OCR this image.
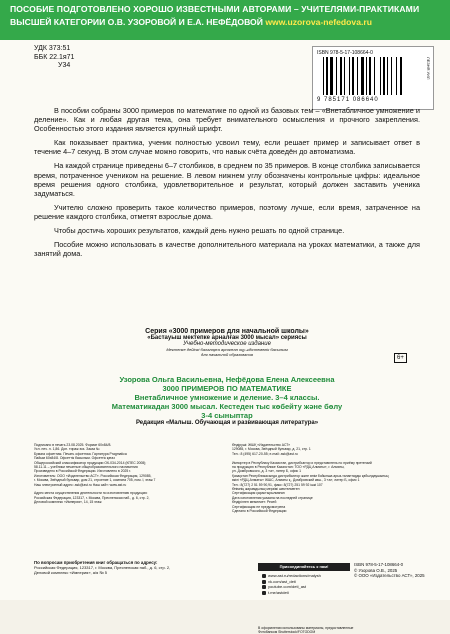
ПОСОБИЕ ПОДГОТОВЛЕНО ХОРОШО ИЗВЕСТНЫМИ АВТОРАМИ – УЧИТЕЛЯМИ-ПРАКТИКАМИ
ВЫСШЕЙ КАТЕГОРИИ О.В. УЗОРОВОЙ И Е.А. НЕФЁДОВОЙ www.uzorova-nefedova.ru
УДК 373:51
ББК 22.1я71
У34
ISBN 978-5-17-108664-0
9 785171 086640
ЛЕЗНЯ УИЛ

В пособии собраны 3000 примеров по математике по одной из базовых тем – «Внетабличное умножение и деление». Как и любая другая тема, она требует внимательного осмысления и прочного закрепления. Особенностью этого издания является крупный шрифт.

Как показывает практика, ученик полностью усвоил тему, если решает пример и записывает ответ в течение 4–7 секунд. В этом случае можно говорить, что навык счёта доведён до автоматизма.

На каждой странице приведены 6–7 столбиков, в среднем по 35 примеров. В конце столбика записывается время, потраченное учеником на решение. В левом нижнем углу обозначены контрольные цифры: идеальное время решения одного столбика, удовлетворительное и результат, который должен заставить ученика задуматься.

Учителю сложно проверить такое количество примеров, поэтому лучше, если время, затраченное на решение каждого столбика, отметят взрослые дома.

Чтобы достичь хороших результатов, каждый день нужно решать по одной странице.

Пособие можно использовать в качестве дополнительного материала на уроках математики, а также для занятий дома.

Серия «3000 примеров для начальной школы»
«Бастауыш мектепке арналған 3000 мысал» сериясы
Учебно-методическое издание
Мектепке дейінгі балаларға арналған оқу-әдістемелік басылым
для начальной образования
6+
Узорова Ольга Васильевна, Нефёдова Елена Алексеевна
3000 ПРИМЕРОВ ПО МАТЕМАТИКЕ
Внетабличное умножение и деление. 3–4 классы.
Математикадан 3000 мысал. Кестеден тыс көбейту және бөлу
3-4 сыныптар
Редакция «Малыш. Обучающая и развивающая литература»
Подписано в печать 23.08.2025. Формат 60х84/8.
Усл. печ. л. 1,86. Доп. тираж экз. Заказ №
Бумага офсетная. Печать офсетная. Гарнитура Pragmatica
Пайым 60х84/8. Офсеттік басылым. Офсеттік қағаз
Общероссийский классификатор продукции ОК-034-2014 (КПЕС 2008);
58.11.11 – учебники печатные общеобразовательного назначения
Произведено в Российской Федерации. Изготовлено в 2025 г.
Изготовитель: ООО «Издательство АСТ». Российская Федерация, 129085,
г. Москва, Звёздный бульвар, дом 21, строение 1, комната 705, пом. I, этаж 7
Наш электронный адрес: ask@ast.ru Наш сайт: www.ast.ru
Адрес места осуществления деятельности по изготовлению продукции:
Российская Федерация, 123317, г. Москва, Пресненская наб., д. 6, стр. 2,
Деловой комплекс «Империя», 14, 15 этаж
Өндіруші: ЖШҚ «Издательство АСТ»
129085, г. Москва, Звёздный бульвар, д. 21, стр. 1
Тел.: 8 (495) 617-20-55; e-mail: ask@ast.ru
Импортер в Республику Казахстан, дистрибьютор и представитель по приёму претензий
на продукцию в Республике Казахстан: ТОО «РДЦ Алматы», г. Алматы,
ул. Домбровского, д. 3 «а», литер Б, офис 1
Қазақстан Республикасында дистрибьютор және өнім бойынша арыз-талаптарды қабылдаушының
өкілі «РДЦ-Алматы» ЖШС, Алматы қ., Домбровский көш., 3 «а», литер Б, офис 1
Тел.: 8(727) 2 51 59 90,91, факс: 8(727) 251 59 92 ішкі 107
Өнімнің жарамдылық мерзімі шектелмеген
Сертификация қарастырылмаған
Дата изготовления указана на последней странице
Өндірілген мемлекет: Ресей
Сертификация не предусмотрена
Сделано в Российской Федерации
По вопросам приобретения книг обращаться по адресу:
Российская Федерация, 123317, г. Москва, Пресненская наб., д. 6, стр. 2,
Деловой комплекс «Империя», а/я № 5
Присоединяйтесь к нам!
www.ast.ru/redactions/malysh
vk.com/ast_deti
youtube.com/deti_ast
t.me/astdeti
ISBN 978-5-17-108664-0
© Узорова О.В., 2025
© ООО «Издательство АСТ», 2025
В оформлении использованы материалы, предоставленные
Фотобанком Shutterstock/FOTODOM
